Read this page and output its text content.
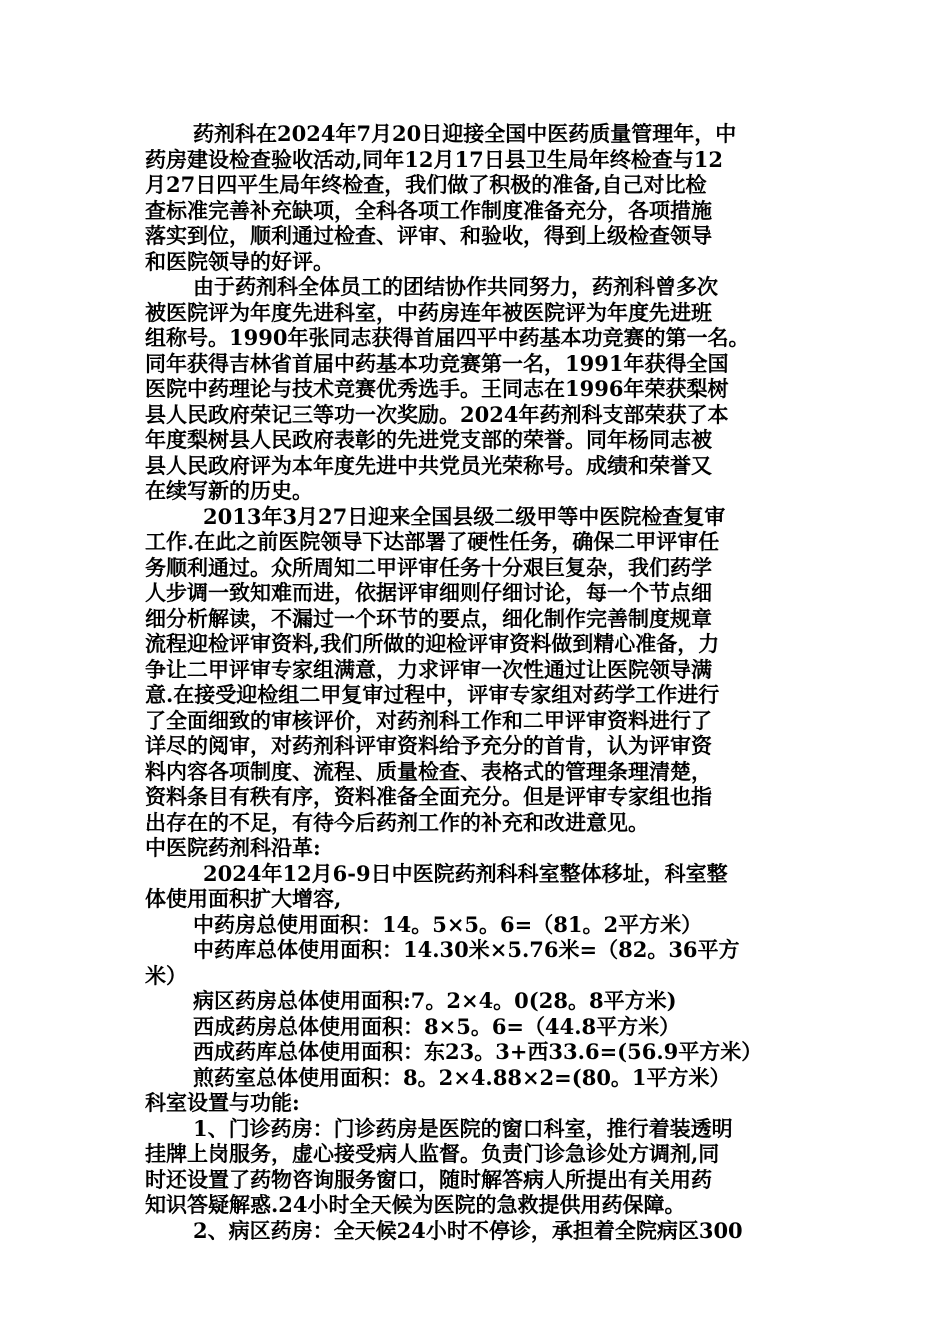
药剂科在2024年7月20日迎接全国中医药质量管理年，中
药房建设检查验收活动,同年12月17日县卫生局年终检查与12
月27日四平生局年终检查，我们做了积极的准备,自己对比检
查标准完善补充缺项，全科各项工作制度准备充分，各项措施
落实到位，顺利通过检查、评审、和验收，得到上级检查领导
和医院领导的好评。
由于药剂科全体员工的团结协作共同努力，药剂科曾多次
被医院评为年度先进科室，中药房连年被医院评为年度先进班
组称号。1990年张同志获得首届四平中药基本功竞赛的第一名。
同年获得吉林省首届中药基本功竞赛第一名，1991年获得全国
医院中药理论与技术竞赛优秀选手。王同志在1996年荣获梨树
县人民政府荣记三等功一次奖励。2024年药剂科支部荣获了本
年度梨树县人民政府表彰的先进党支部的荣誉。同年杨同志被
县人民政府评为本年度先进中共党员光荣称号。成绩和荣誉又
在续写新的历史。
2013年3月27日迎来全国县级二级甲等中医院检查复审
工作.在此之前医院领导下达部署了硬性任务，确保二甲评审任
务顺利通过。众所周知二甲评审任务十分艰巨复杂，我们药学
人步调一致知难而进，依据评审细则仔细讨论，每一个节点细
细分析解读，不漏过一个环节的要点，细化制作完善制度规章
流程迎检评审资料,我们所做的迎检评审资料做到精心准备，力
争让二甲评审专家组满意，力求评审一次性通过让医院领导满
意.在接受迎检组二甲复审过程中，评审专家组对药学工作进行
了全面细致的审核评价，对药剂科工作和二甲评审资料进行了
详尽的阅审，对药剂科评审资料给予充分的首肯，认为评审资
料内容各项制度、流程、质量检查、表格式的管理条理清楚，
资料条目有秩有序，资料准备全面充分。但是评审专家组也指
出存在的不足，有待今后药剂工作的补充和改进意见。
中医院药剂科沿革:
2024年12月6-9日中医院药剂科科室整体移址，科室整
体使用面积扩大增容,
中药房总使用面积：14。5×5。6=（81。2平方米）
中药库总体使用面积：14.30米×5.76米=（82。36平方
米）
病区药房总体使用面积:7。2×4。0(28。8平方米)
西成药房总体使用面积：8×5。6=（44.8平方米）
西成药库总体使用面积：东23。3+西33.6=(56.9平方米）
煎药室总体使用面积：8。2×4.88×2=(80。1平方米）
科室设置与功能:
1、门诊药房：门诊药房是医院的窗口科室，推行着装透明
挂牌上岗服务，虚心接受病人监督。负责门诊急诊处方调剂,同
时还设置了药物咨询服务窗口，随时解答病人所提出有关用药
知识答疑解惑.24小时全天候为医院的急救提供用药保障。
2、病区药房：全天候24小时不停诊，承担着全院病区300
